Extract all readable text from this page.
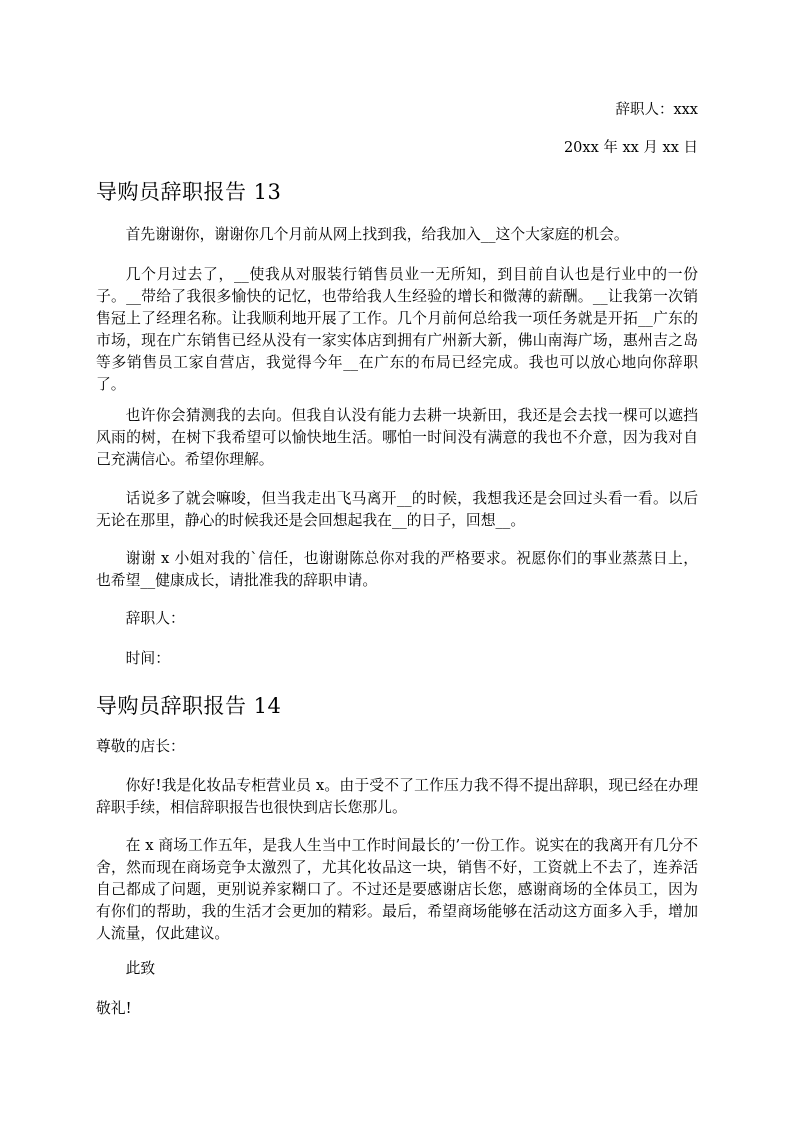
辞职人：xxx
20xx 年 xx 月 xx 日
导购员辞职报告 13

首先谢谢你，谢谢你几个月前从网上找到我，给我加入__这个大家庭的机会。

几个月过去了，__使我从对服装行销售员业一无所知，到目前自认也是行业中的一份子。__带给了我很多愉快的记忆，也带给我人生经验的增长和微薄的薪酬。__让我第一次销售冠上了经理名称。让我顺利地开展了工作。几个月前何总给我一项任务就是开拓__广东的市场，现在广东销售已经从没有一家实体店到拥有广州新大新，佛山南海广场，惠州吉之岛等多销售员工家自营店，我觉得今年__在广东的布局已经完成。我也可以放心地向你辞职了。

也许你会猜测我的去向。但我自认没有能力去耕一块新田，我还是会去找一棵可以遮挡风雨的树，在树下我希望可以愉快地生活。哪怕一时间没有满意的我也不介意，因为我对自己充满信心。希望你理解。

话说多了就会嘛唆，但当我走出飞马离开__的时候，我想我还是会回过头看一看。以后无论在那里，静心的时候我还是会回想起我在__的日子，回想__。

谢谢 x 小姐对我的`信任，也谢谢陈总你对我的严格要求。祝愿你们的事业蒸蒸日上，也希望__健康成长，请批准我的辞职申请。

辞职人：

时间：

导购员辞职报告 14

尊敬的店长：

你好!我是化妆品专柜营业员 x。由于受不了工作压力我不得不提出辞职，现已经在办理辞职手续，相信辞职报告也很快到店长您那儿。

在 x 商场工作五年，是我人生当中工作时间最长的’一份工作。说实在的我离开有几分不舍，然而现在商场竞争太激烈了，尤其化妆品这一块，销售不好，工资就上不去了，连养活自己都成了问题，更别说养家糊口了。不过还是要感谢店长您，感谢商场的全体员工，因为有你们的帮助，我的生活才会更加的精彩。最后，希望商场能够在活动这方面多入手，增加人流量，仅此建议。

此致

敬礼!
